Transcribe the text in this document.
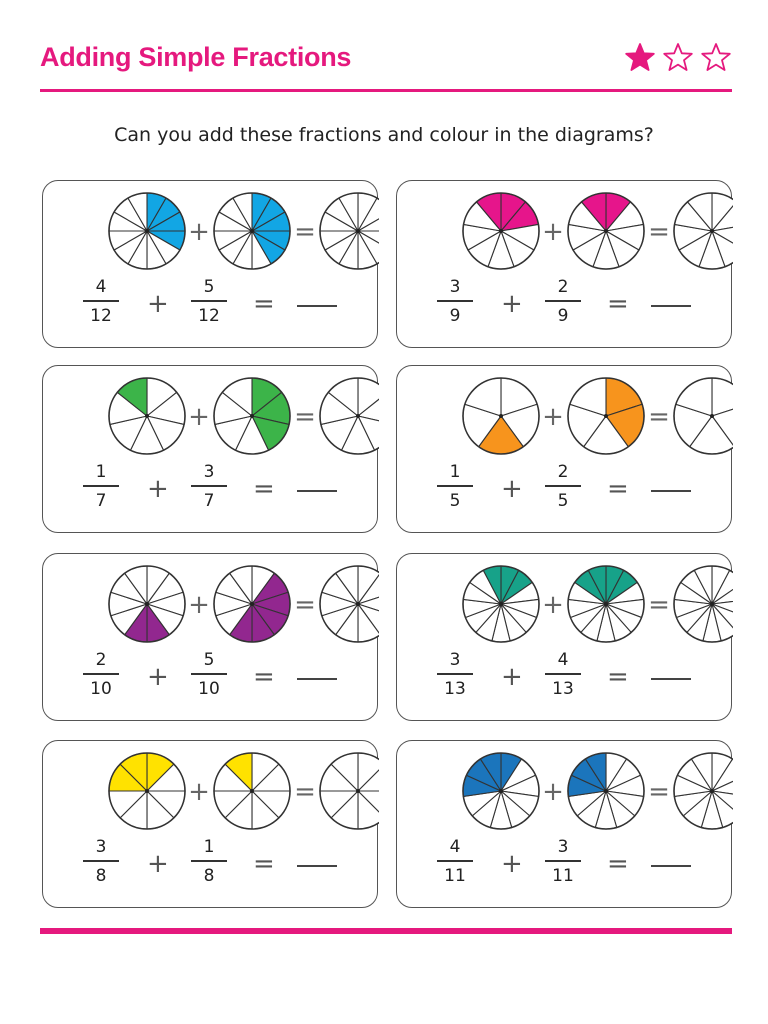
Adding Simple Fractions
Can you add these fractions and colour in the diagrams?
+	=
4
12
5
12
+	=
+	=
3
9
2
9
+	=
+	=
1
7
3
7
+	=
+	=
1
5
2
5
+	=
+	=
2
10
5
10
+	=
+	=
3
13
4
13
+	=
+	=
3
8
1
8
+	=
+	=
4
11
3
11
+	=
